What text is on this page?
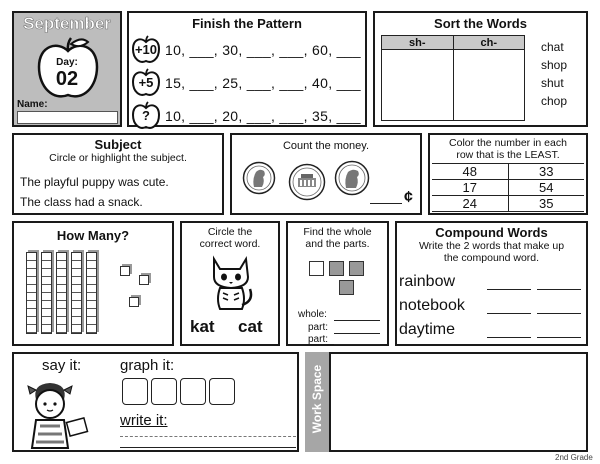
September
Day:
02
Name:
Finish the Pattern
+10 10, ___, 30, ___, ___, 60, ___
+5 15, ___, 25, ___, ___, 40, ___
?	10, ___, 20, ___, ___, 35, ___
Sort the Words
sh-	ch-	chat
shop
shut
chop
Subject
Circle or highlight the subject.
The playful puppy was cute.
The class had a snack.
Count the money.
¢
Color the number in each
row that is the LEAST.
48	33
17	54
24	35
How Many?	Circle the
correct word.
kat cat
Find the whole
and the parts.
whole:
part:
part:
Compound Words
Write the 2 words that make up
the compound word.
rainbow
notebook
daytime
say it:	graph it:
write it:	Work Space
2nd Grade
